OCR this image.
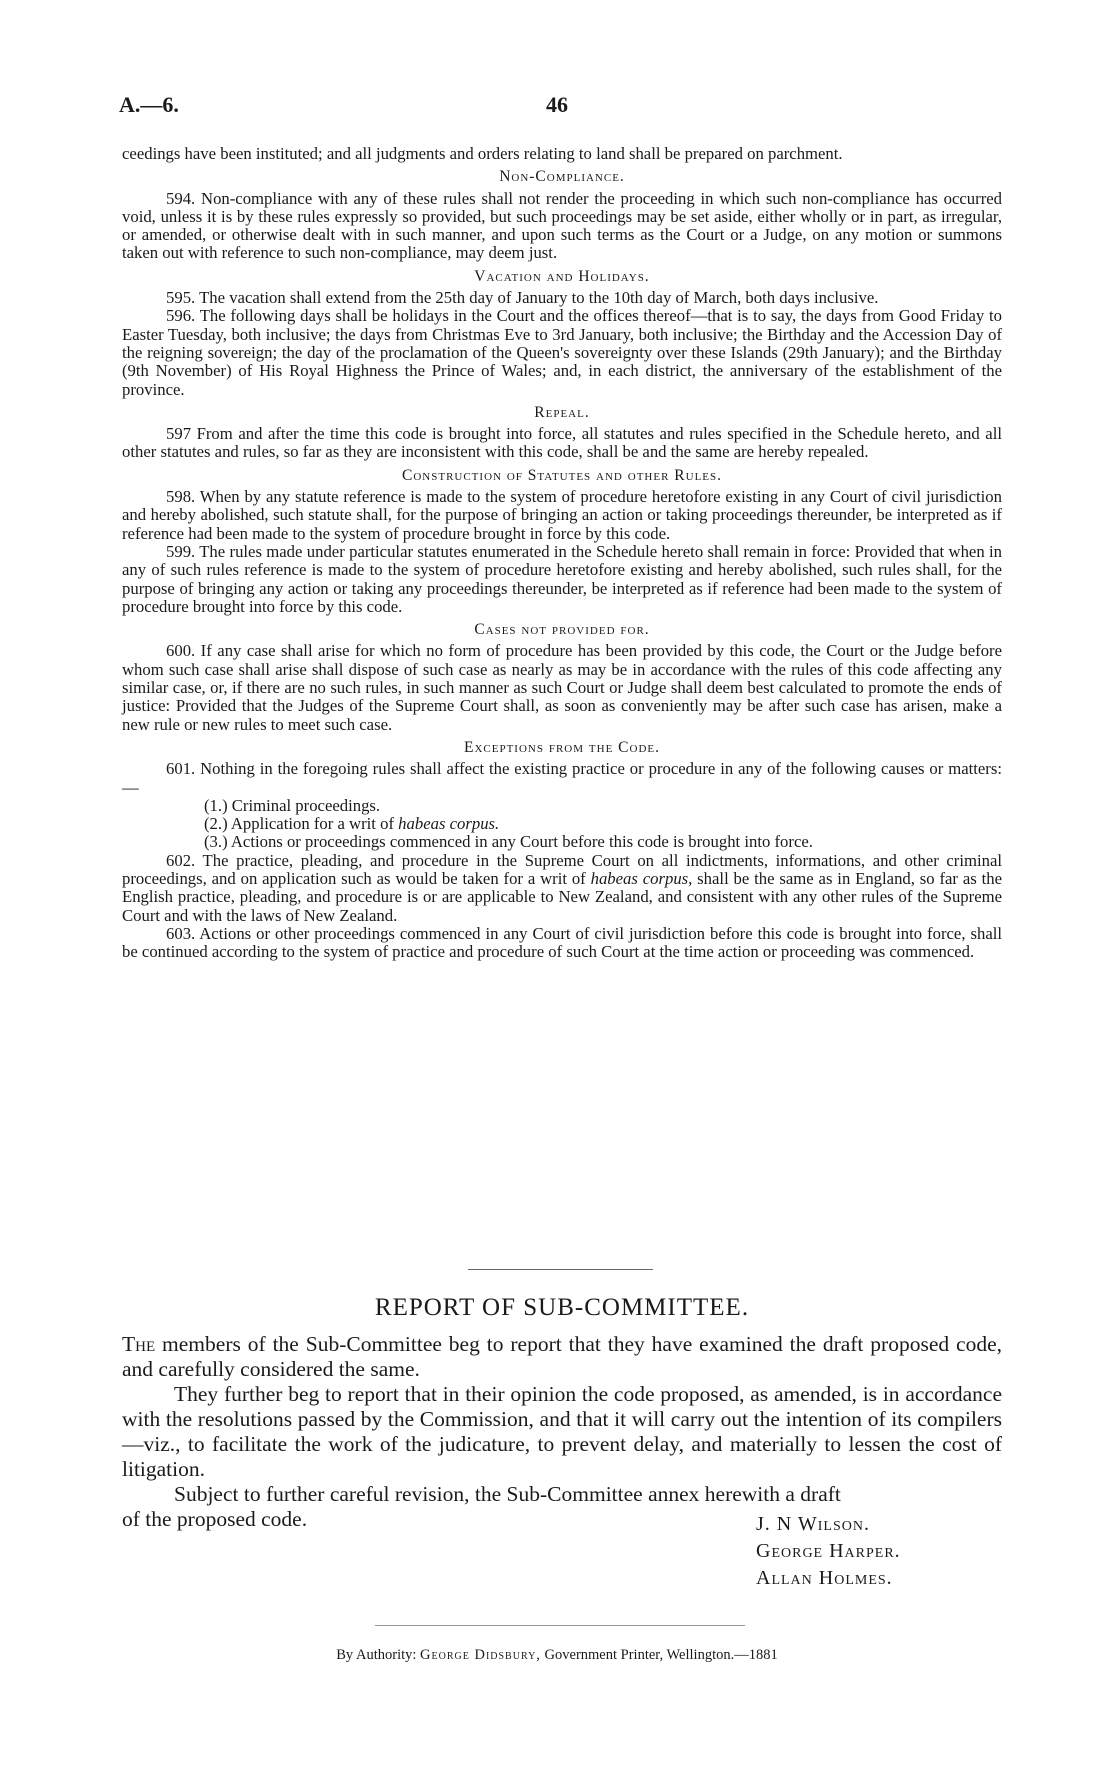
A.—6.	46

ceedings have been instituted; and all judgments and orders relating to land shall be prepared on parchment.

Non-Compliance.

594. Non-compliance with any of these rules shall not render the proceeding in which such non-compliance has occurred void, unless it is by these rules expressly so provided, but such proceedings may be set aside, either wholly or in part, as irregular, or amended, or otherwise dealt with in such manner, and upon such terms as the Court or a Judge, on any motion or summons taken out with reference to such non-compliance, may deem just.

Vacation and Holidays.

595. The vacation shall extend from the 25th day of January to the 10th day of March, both days inclusive.

596. The following days shall be holidays in the Court and the offices thereof—that is to say, the days from Good Friday to Easter Tuesday, both inclusive; the days from Christmas Eve to 3rd January, both inclusive; the Birthday and the Accession Day of the reigning sovereign; the day of the proclamation of the Queen's sovereignty over these Islands (29th January); and the Birthday (9th November) of His Royal Highness the Prince of Wales; and, in each district, the anniversary of the establishment of the province.

Repeal.

597 From and after the time this code is brought into force, all statutes and rules specified in the Schedule hereto, and all other statutes and rules, so far as they are inconsistent with this code, shall be and the same are hereby repealed.

Construction of Statutes and other Rules.

598. When by any statute reference is made to the system of procedure heretofore existing in any Court of civil jurisdiction and hereby abolished, such statute shall, for the purpose of bringing an action or taking proceedings thereunder, be interpreted as if reference had been made to the system of procedure brought in force by this code.

599. The rules made under particular statutes enumerated in the Schedule hereto shall remain in force: Provided that when in any of such rules reference is made to the system of procedure heretofore existing and hereby abolished, such rules shall, for the purpose of bringing any action or taking any proceedings thereunder, be interpreted as if reference had been made to the system of procedure brought into force by this code.

Cases not provided for.

600. If any case shall arise for which no form of procedure has been provided by this code, the Court or the Judge before whom such case shall arise shall dispose of such case as nearly as may be in accordance with the rules of this code affecting any similar case, or, if there are no such rules, in such manner as such Court or Judge shall deem best calculated to promote the ends of justice: Provided that the Judges of the Supreme Court shall, as soon as conveniently may be after such case has arisen, make a new rule or new rules to meet such case.

Exceptions from the Code.

601. Nothing in the foregoing rules shall affect the existing practice or procedure in any of the following causes or matters:—

(1.) Criminal proceedings.

(2.) Application for a writ of habeas corpus.

(3.) Actions or proceedings commenced in any Court before this code is brought into force.

602. The practice, pleading, and procedure in the Supreme Court on all indictments, informations, and other criminal proceedings, and on application such as would be taken for a writ of habeas corpus, shall be the same as in England, so far as the English practice, pleading, and procedure is or are applicable to New Zealand, and consistent with any other rules of the Supreme Court and with the laws of New Zealand.

603. Actions or other proceedings commenced in any Court of civil jurisdiction before this code is brought into force, shall be continued according to the system of practice and procedure of such Court at the time action or proceeding was commenced.

REPORT OF SUB-COMMITTEE.

The members of the Sub-Committee beg to report that they have examined the draft proposed code, and carefully considered the same.

They further beg to report that in their opinion the code proposed, as amended, is in accordance with the resolutions passed by the Commission, and that it will carry out the intention of its compilers—viz., to facilitate the work of the judicature, to prevent delay, and materially to lessen the cost of litigation.

Subject to further careful revision, the Sub-Committee annex herewith a draft

of the proposed code.	J. N Wilson.
George Harper.
Allan Holmes.
By Authority: George Didsbury, Government Printer, Wellington.—1881
